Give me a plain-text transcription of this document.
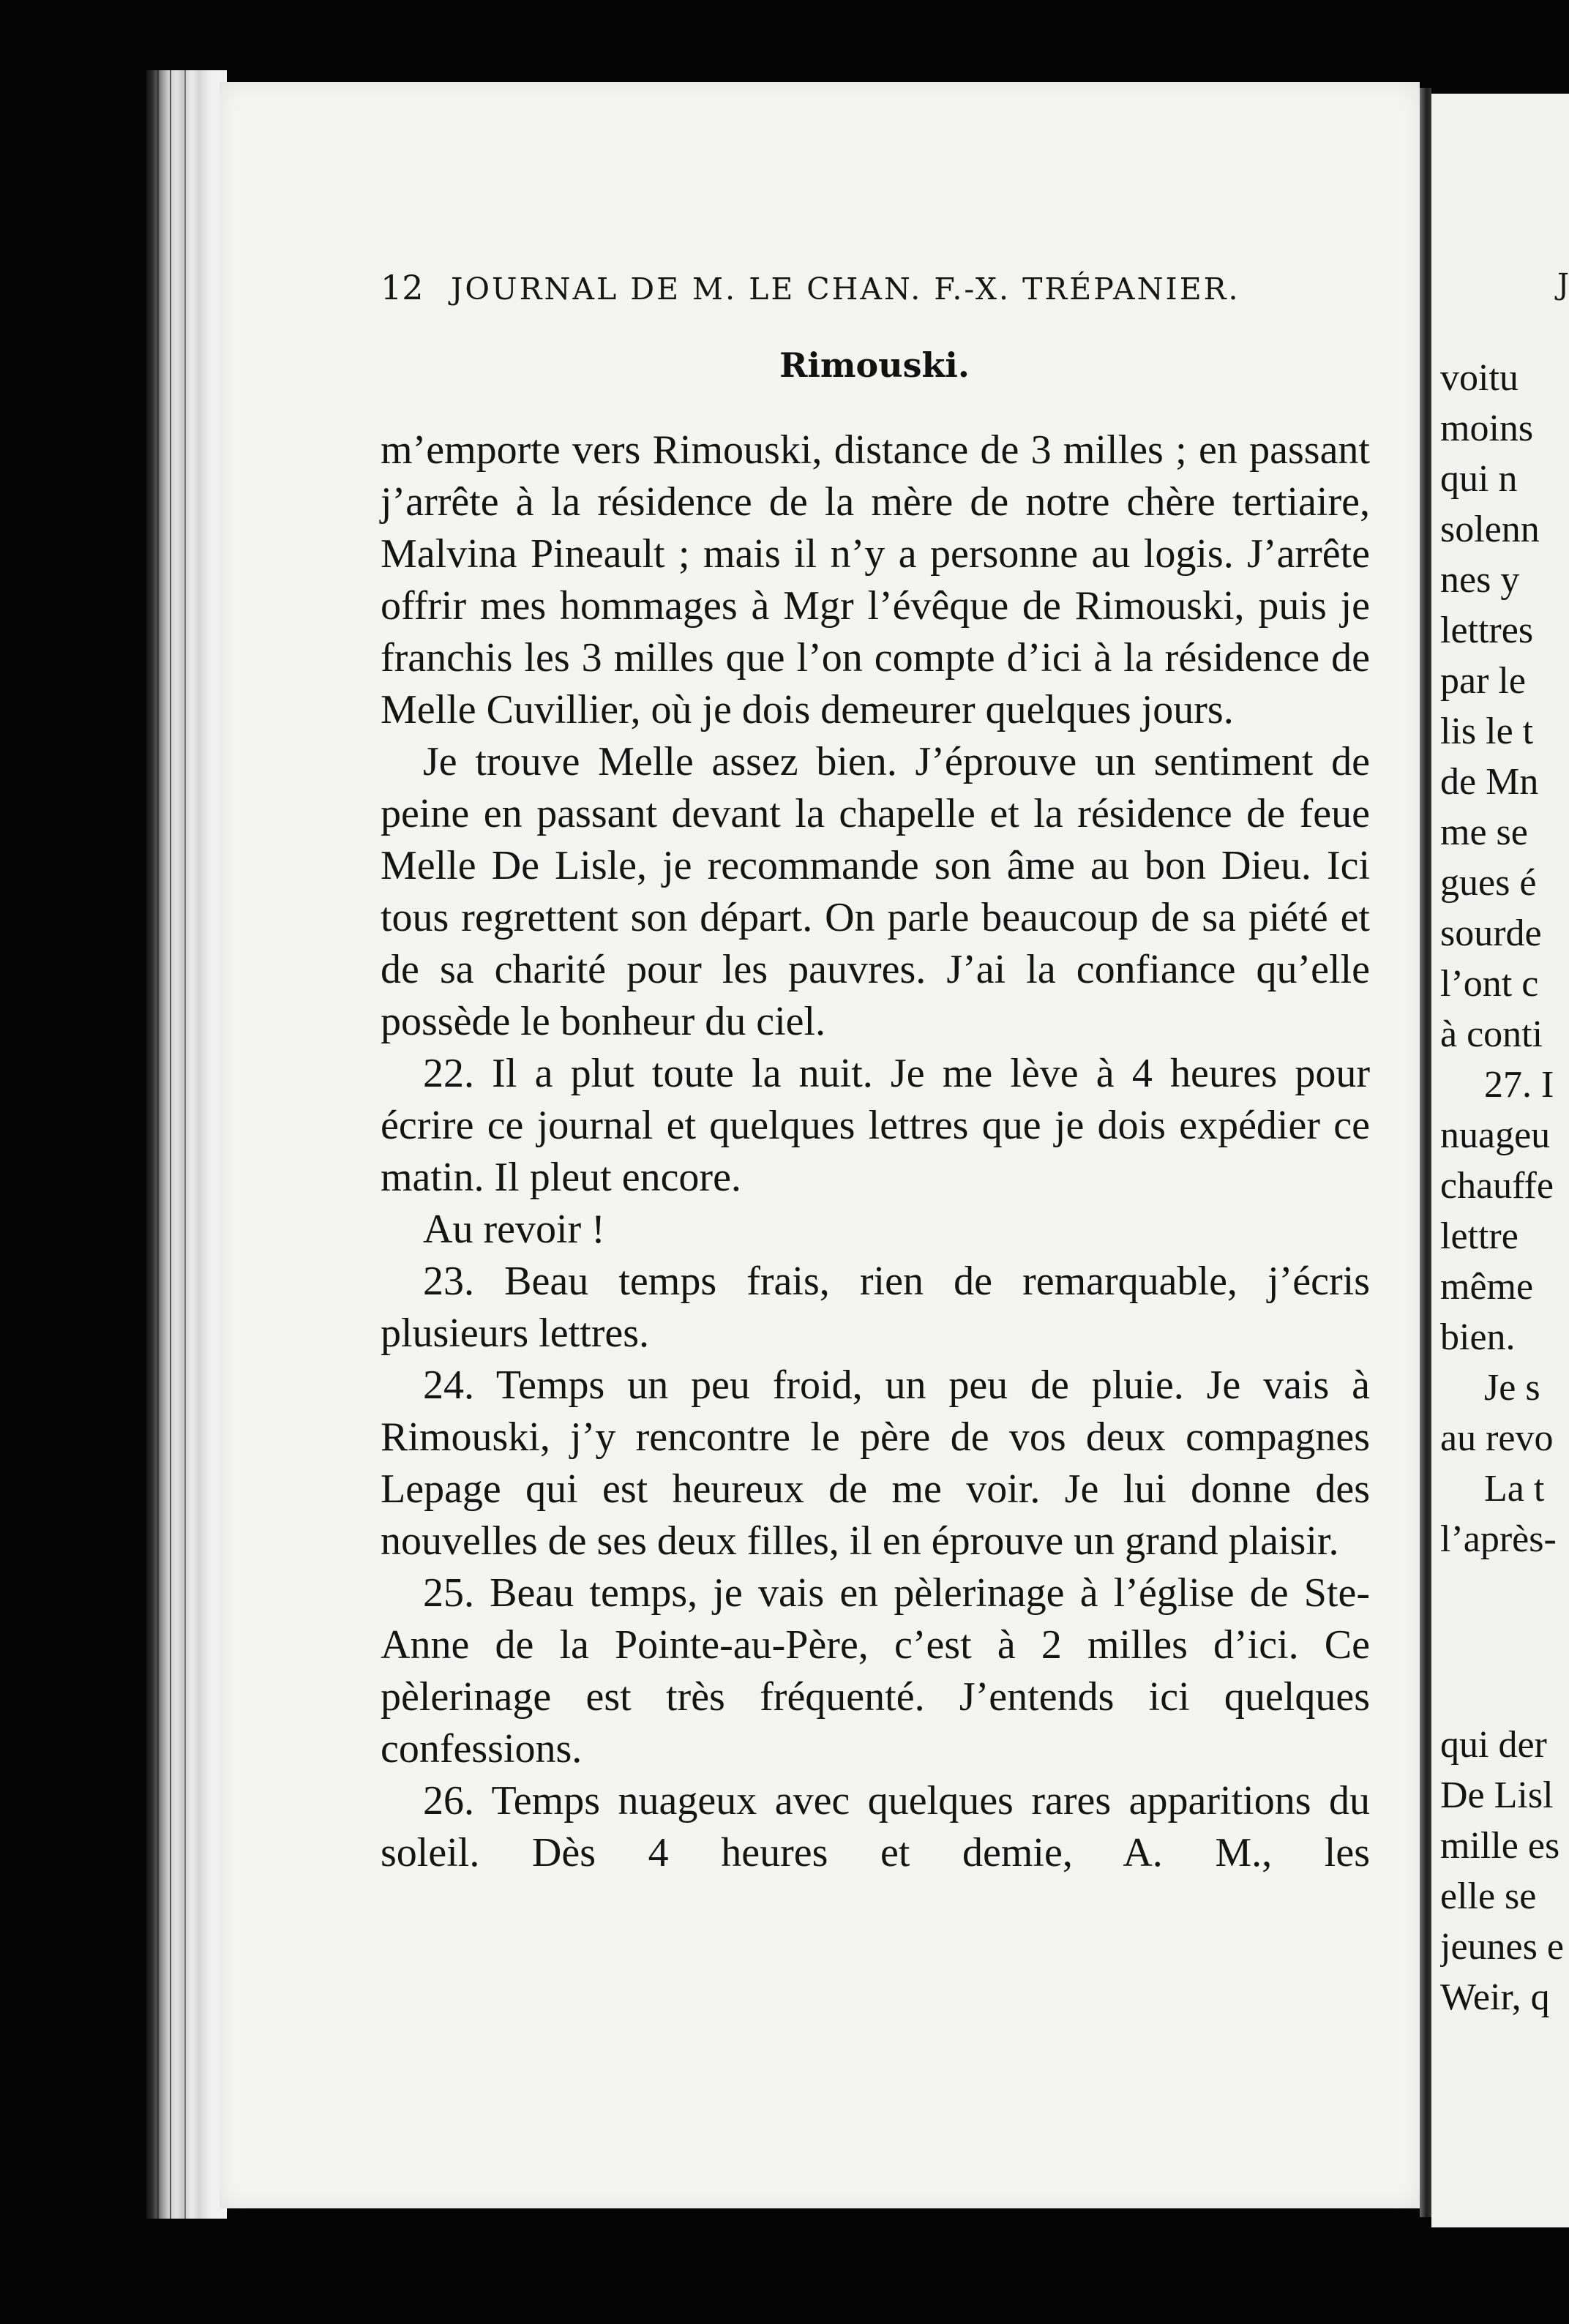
12 JOURNAL DE M. LE CHAN. F.-X. TRÉPANIER.
Rimouski.

m’emporte vers Rimouski, distance de 3 milles ; en passant j’arrête à la résidence de la mère de notre chère tertiaire, Malvina Pineault ; mais il n’y a personne au logis. J’arrête offrir mes hommages à Mgr l’évêque de Rimouski, puis je franchis les 3 milles que l’on compte d’ici à la résidence de Melle Cuvillier, où je dois demeurer quelques jours.

Je trouve Melle assez bien. J’éprouve un sentiment de peine en passant devant la chapelle et la résidence de feue Melle De Lisle, je recommande son âme au bon Dieu. Ici tous regrettent son départ. On parle beaucoup de sa piété et de sa charité pour les pauvres. J’ai la confiance qu’elle possède le bonheur du ciel.

22. Il a plut toute la nuit. Je me lève à 4 heures pour écrire ce journal et quelques lettres que je dois expédier ce matin. Il pleut encore.

Au revoir !

23. Beau temps frais, rien de remarquable, j’écris plusieurs lettres.

24. Temps un peu froid, un peu de pluie. Je vais à Rimouski, j’y rencontre le père de vos deux compagnes Lepage qui est heureux de me voir. Je lui donne des nouvelles de ses deux filles, il en éprouve un grand plaisir.

25. Beau temps, je vais en pèlerinage à l’église de Ste-Anne de la Pointe-au-Père, c’est à 2 milles d’ici. Ce pèlerinage est très fréquenté. J’entends ici quelques confessions.

26. Temps nuageux avec quelques rares apparitions du soleil. Dès 4 heures et demie, A. M., les

J
voitu
moins
qui n
solenn
nes y
lettres
par le
lis le t
de Mn
me se
gues é
sourde
l’ont c
à conti
27. I
nuageu
chauffe
lettre
même
bien.
Je s
au revo
La t
l’après-
qui der
De Lisl
mille es
elle se
jeunes e
Weir, q
